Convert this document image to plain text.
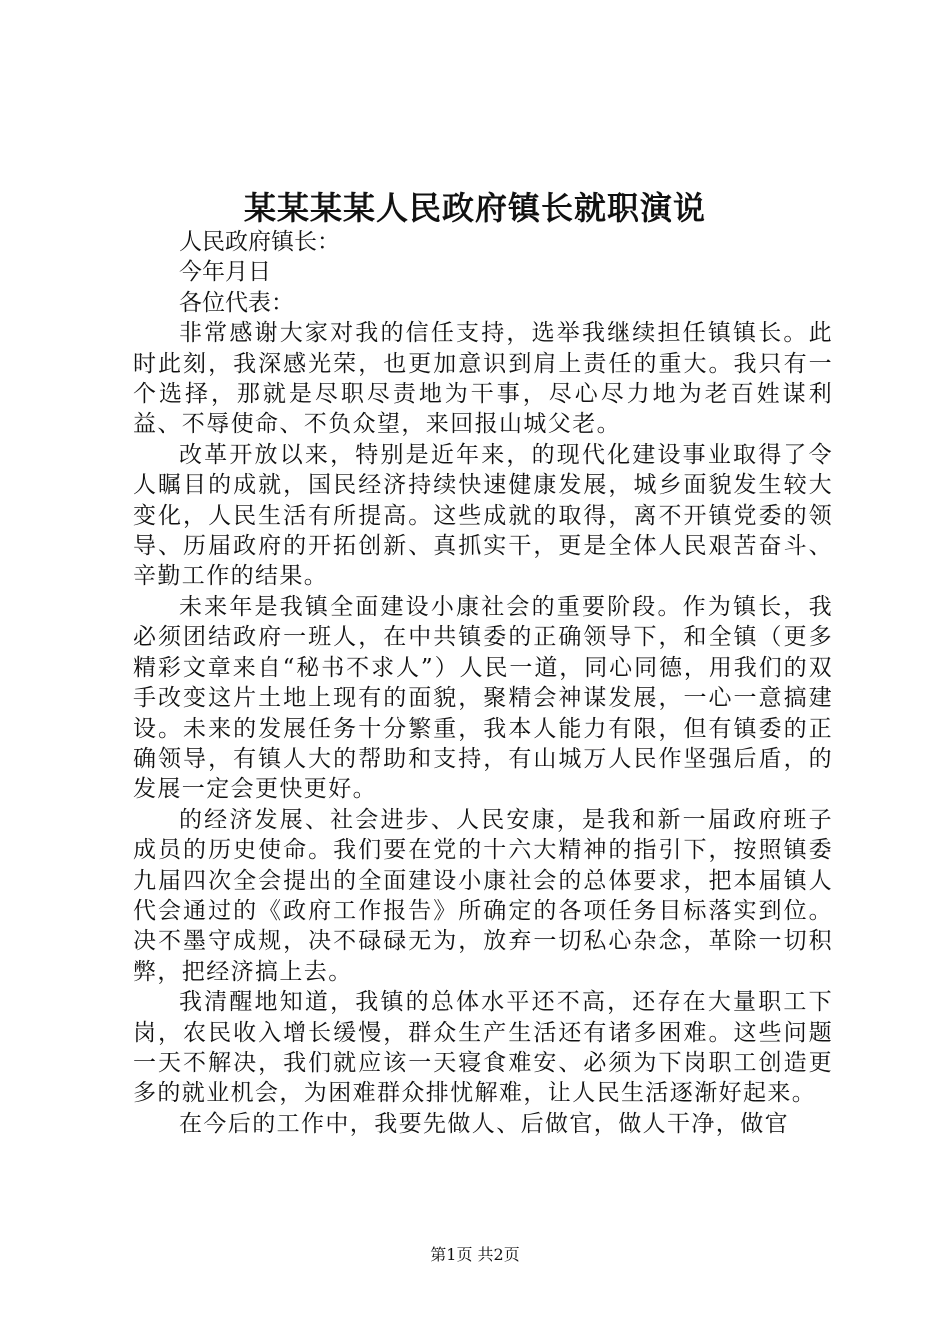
某某某某人民政府镇长就职演说

人民政府镇长：

今年月日

各位代表：

非常感谢大家对我的信任支持，选举我继续担任镇镇长。此时此刻，我深感光荣，也更加意识到肩上责任的重大。我只有一个选择，那就是尽职尽责地为干事，尽心尽力地为老百姓谋利益、不辱使命、不负众望，来回报山城父老。

改革开放以来，特别是近年来，的现代化建设事业取得了令人瞩目的成就，国民经济持续快速健康发展，城乡面貌发生较大变化，人民生活有所提高。这些成就的取得，离不开镇党委的领导、历届政府的开拓创新、真抓实干，更是全体人民艰苦奋斗、辛勤工作的结果。

未来年是我镇全面建设小康社会的重要阶段。作为镇长，我必须团结政府一班人，在中共镇委的正确领导下，和全镇（更多精彩文章来自“秘书不求人”）人民一道，同心同德，用我们的双手改变这片土地上现有的面貌，聚精会神谋发展，一心一意搞建设。未来的发展任务十分繁重，我本人能力有限，但有镇委的正确领导，有镇人大的帮助和支持，有山城万人民作坚强后盾，的发展一定会更快更好。

的经济发展、社会进步、人民安康，是我和新一届政府班子成员的历史使命。我们要在党的十六大精神的指引下，按照镇委九届四次全会提出的全面建设小康社会的总体要求，把本届镇人代会通过的《政府工作报告》所确定的各项任务目标落实到位。决不墨守成规，决不碌碌无为，放弃一切私心杂念，革除一切积弊，把经济搞上去。

我清醒地知道，我镇的总体水平还不高，还存在大量职工下岗，农民收入增长缓慢，群众生产生活还有诸多困难。这些问题一天不解决，我们就应该一天寝食难安、必须为下岗职工创造更多的就业机会，为困难群众排忧解难，让人民生活逐渐好起来。

在今后的工作中，我要先做人、后做官，做人干净，做官

第1页 共2页
